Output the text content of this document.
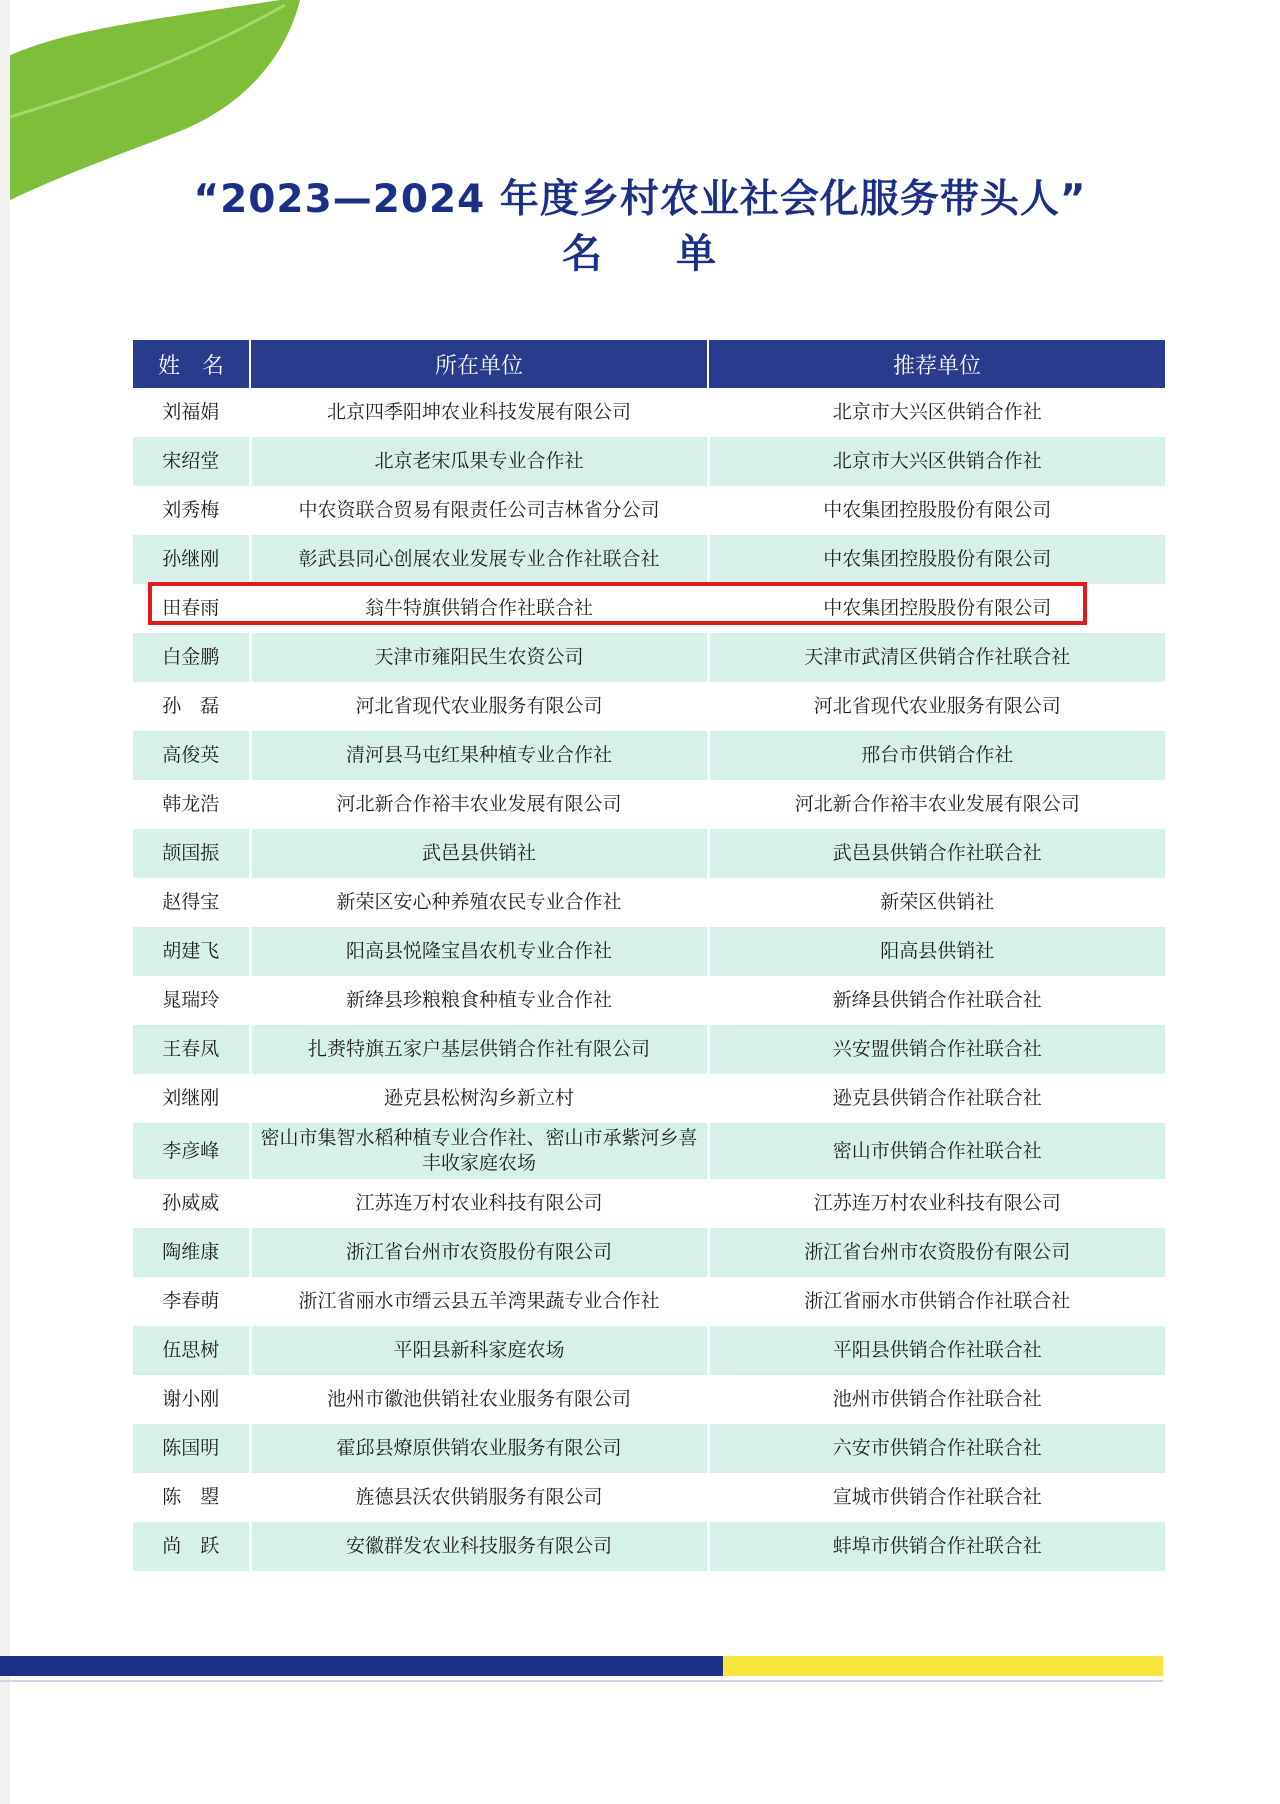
“2023—2024 年度乡村农业社会化服务带头人”
名 单
姓　名	所在单位	推荐单位
刘福娟	北京四季阳坤农业科技发展有限公司	北京市大兴区供销合作社
宋绍堂	北京老宋瓜果专业合作社	北京市大兴区供销合作社
刘秀梅	中农资联合贸易有限责任公司吉林省分公司	中农集团控股股份有限公司
孙继刚	彰武县同心创展农业发展专业合作社联合社	中农集团控股股份有限公司
田春雨	翁牛特旗供销合作社联合社	中农集团控股股份有限公司
白金鹏	天津市雍阳民生农资公司	天津市武清区供销合作社联合社
孙　磊	河北省现代农业服务有限公司	河北省现代农业服务有限公司
高俊英	清河县马屯红果种植专业合作社	邢台市供销合作社
韩龙浩	河北新合作裕丰农业发展有限公司	河北新合作裕丰农业发展有限公司
颉国振	武邑县供销社	武邑县供销合作社联合社
赵得宝	新荣区安心种养殖农民专业合作社	新荣区供销社
胡建飞	阳高县悦隆宝昌农机专业合作社	阳高县供销社
晁瑞玲	新绛县珍粮粮食种植专业合作社	新绛县供销合作社联合社
王春凤	扎赉特旗五家户基层供销合作社有限公司	兴安盟供销合作社联合社
刘继刚	逊克县松树沟乡新立村	逊克县供销合作社联合社
李彦峰	密山市集智水稻种植专业合作社、密山市承紫河乡喜丰收家庭农场	密山市供销合作社联合社
孙威威	江苏连万村农业科技有限公司	江苏连万村农业科技有限公司
陶维康	浙江省台州市农资股份有限公司	浙江省台州市农资股份有限公司
李春萌	浙江省丽水市缙云县五羊湾果蔬专业合作社	浙江省丽水市供销合作社联合社
伍思树	平阳县新科家庭农场	平阳县供销合作社联合社
谢小刚	池州市徽池供销社农业服务有限公司	池州市供销合作社联合社
陈国明	霍邱县燎原供销农业服务有限公司	六安市供销合作社联合社
陈　曌	旌德县沃农供销服务有限公司	宣城市供销合作社联合社
尚　跃	安徽群发农业科技服务有限公司	蚌埠市供销合作社联合社
